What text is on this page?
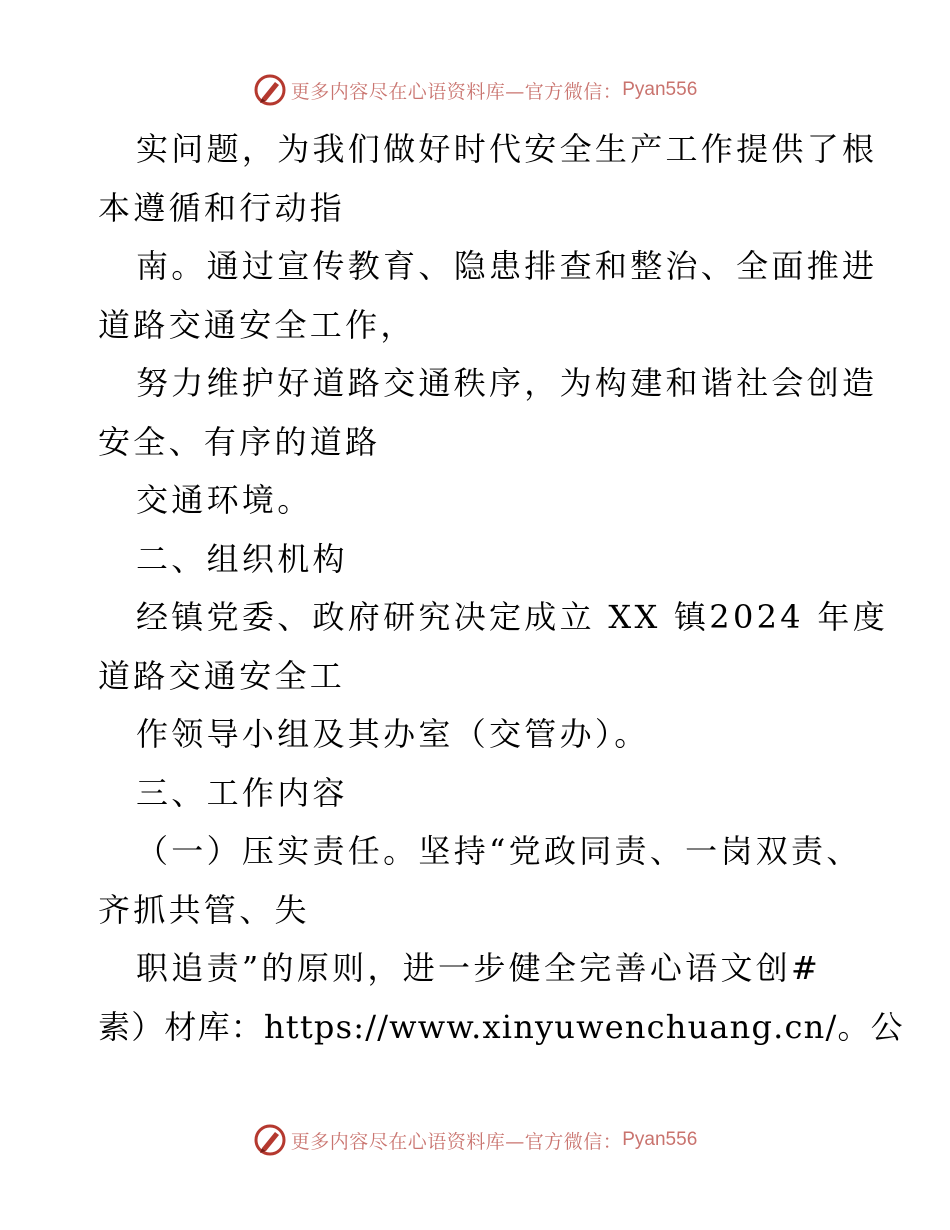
更多内容尽在心语资料库—官方微信： Pyan556
实问题，为我们做好时代安全生产工作提供了根
本遵循和行动指
南。通过宣传教育、隐患排查和整治、全面推进
道路交通安全工作，
努力维护好道路交通秩序，为构建和谐社会创造
安全、有序的道路
交通环境。
二、组织机构
经镇党委、政府研究决定成立 XX 镇2024 年度
道路交通安全工
作领导小组及其办室（交管办）。
三、工作内容
（一）压实责任。坚持“党政同责、一岗双责、
齐抓共管、失
职追责”的原则，进一步健全完善心语文创#
素）材库：https://www.xinyuwenchuang.cn/。公
更多内容尽在心语资料库—官方微信： Pyan556
